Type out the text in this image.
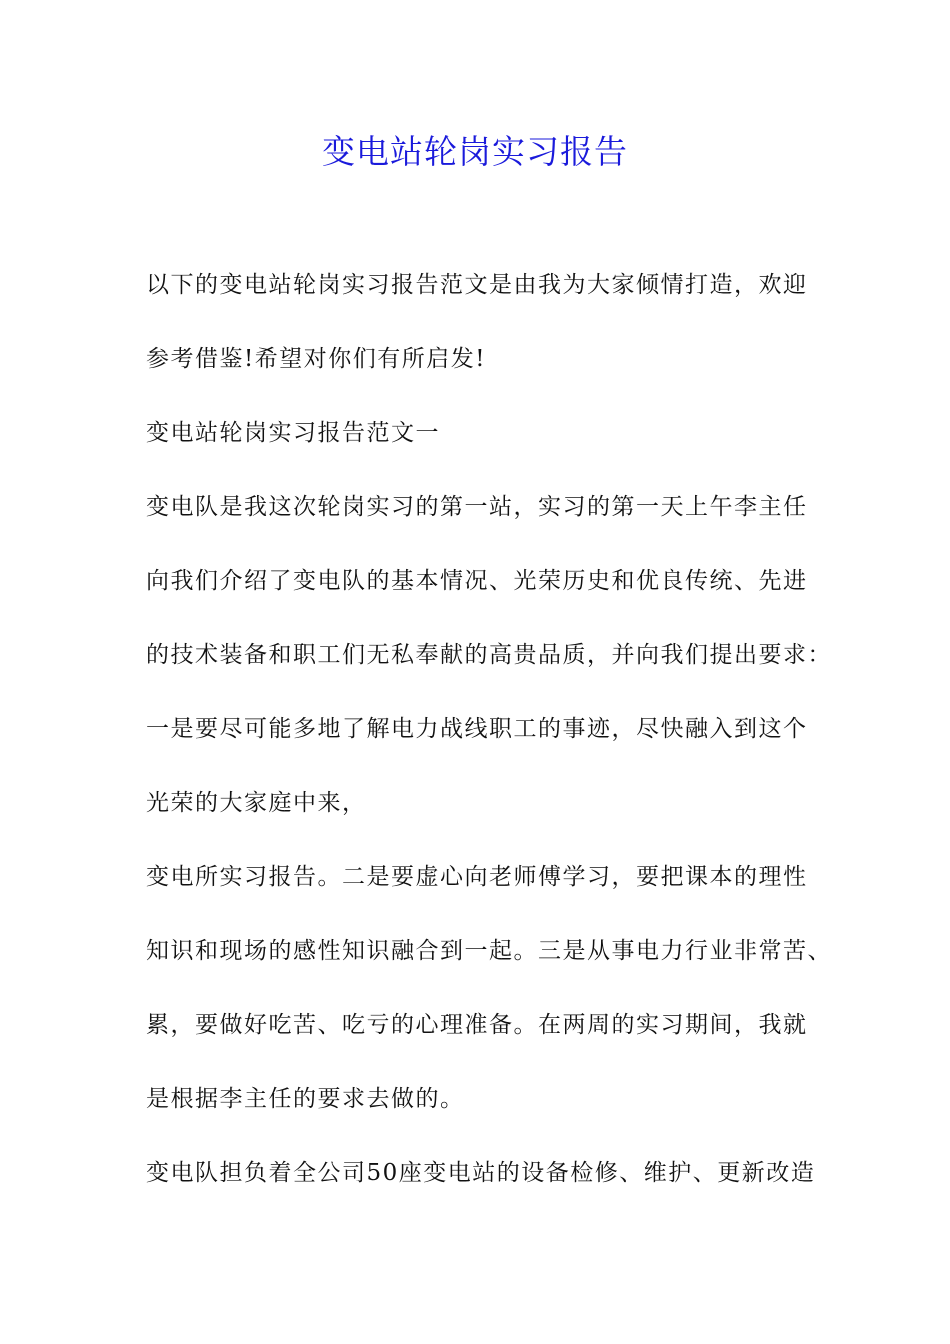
变电站轮岗实习报告
以下的变电站轮岗实习报告范文是由我为大家倾情打造，欢迎
参考借鉴!希望对你们有所启发!
变电站轮岗实习报告范文一
变电队是我这次轮岗实习的第一站，实习的第一天上午李主任
向我们介绍了变电队的基本情况、光荣历史和优良传统、先进
的技术装备和职工们无私奉献的高贵品质，并向我们提出要求：
一是要尽可能多地了解电力战线职工的事迹，尽快融入到这个
光荣的大家庭中来，
变电所实习报告。二是要虚心向老师傅学习，要把课本的理性
知识和现场的感性知识融合到一起。三是从事电力行业非常苦、
累，要做好吃苦、吃亏的心理准备。在两周的实习期间，我就
是根据李主任的要求去做的。
变电队担负着全公司50座变电站的设备检修、维护、更新改造
